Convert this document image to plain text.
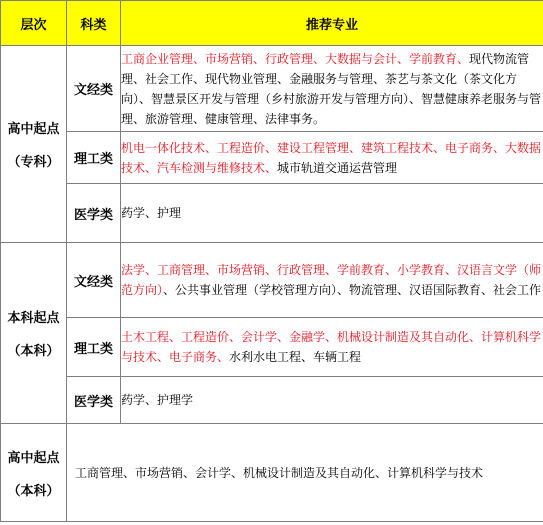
层次	科类	推荐专业

高中起点
（专科）	文经类	工商企业管理、市场营销、行政管理、大数据与会计、学前教育、现代物流管理、社会工作、现代物业管理、金融服务与管理、茶艺与茶文化（茶文化方向）、智慧景区开发与管理（乡村旅游开发与管理方向）、智慧健康养老服务与管理、旅游管理、健康管理、法律事务。
	理工类	机电一体化技术、工程造价、建设工程管理、建筑工程技术、电子商务、大数据技术、汽车检测与维修技术、城市轨道交通运营管理
	医学类	药学、护理

本科起点
（本科）	文经类	法学、工商管理、市场营销、行政管理、学前教育、小学教育、汉语言文学（师范方向）、公共事业管理（学校管理方向）、物流管理、汉语国际教育、社会工作
	理工类	土木工程、工程造价、会计学、金融学、机械设计制造及其自动化、计算机科学与技术、电子商务、水利水电工程、车辆工程
	医学类	药学、护理学

高中起点
（本科）	工商管理、市场营销、会计学、机械设计制造及其自动化、计算机科学与技术	
